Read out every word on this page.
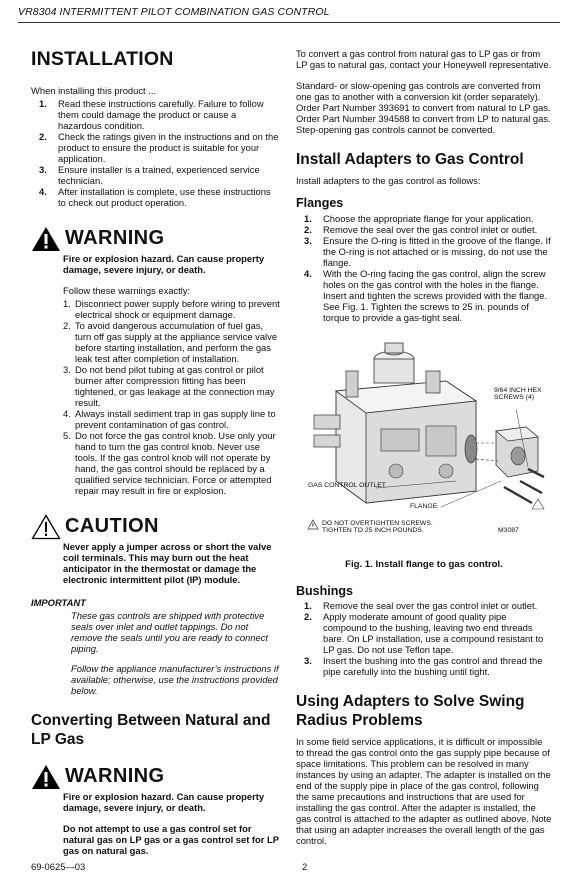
VR8304 INTERMITTENT PILOT COMBINATION GAS CONTROL
INSTALLATION

When installing this product ...

1. Read these instructions carefully. Failure to follow them could damage the product or cause a hazardous condition.
2. Check the ratings given in the instructions and on the product to ensure the product is suitable for your application.
3. Ensure installer is a trained, experienced service technician.
4. After installation is complete, use these instructions to check out product operation.
WARNING

Fire or explosion hazard. Can cause property damage, severe injury, or death.

Follow these warnings exactly:

1. Disconnect power supply before wiring to prevent electrical shock or equipment damage.
2. To avoid dangerous accumulation of fuel gas, turn off gas supply at the appliance service valve before starting installation, and perform the gas leak test after completion of installation.
3. Do not bend pilot tubing at gas control or pilot burner after compression fitting has been tightened, or gas leakage at the connection may result.
4. Always install sediment trap in gas supply line to prevent contamination of gas control.
5. Do not force the gas control knob. Use only your hand to turn the gas control knob. Never use tools. If the gas control knob will not operate by hand, the gas control should be replaced by a qualified service technician. Force or attempted repair may result in fire or explosion.
CAUTION

Never apply a jumper across or short the valve coil terminals. This may burn out the heat anticipator in the thermostat or damage the electronic intermittent pilot (IP) module.

IMPORTANT

These gas controls are shipped with protective seals over inlet and outlet tappings. Do not remove the seals until you are ready to connect piping.

Follow the appliance manufacturer’s instructions if available; otherwise, use the instructions provided below.

Converting Between Natural and LP Gas
WARNING

Fire or explosion hazard. Can cause property damage, severe injury, or death.

Do not attempt to use a gas control set for natural gas on LP gas or a gas control set for LP gas on natural gas.

To convert a gas control from natural gas to LP gas or from LP gas to natural gas, contact your Honeywell representative.

Standard- or slow-opening gas controls are converted from one gas to another with a conversion kit (order separately). Order Part Number 393691 to convert from natural to LP gas. Order Part Number 394588 to convert from LP to natural gas. Step-opening gas controls cannot be converted.

Install Adapters to Gas Control

Install adapters to the gas control as follows:

Flanges
1. Choose the appropriate flange for your application.
2. Remove the seal over the gas control inlet or outlet.
3. Ensure the O-ring is fitted in the groove of the flange. If the O-ring is not attached or is missing, do not use the flange.
4. With the O-ring facing the gas control, align the screw holes on the gas control with the holes in the flange. Insert and tighten the screws provided with the flange. See Fig. 1. Tighten the screws to 25 in. pounds of torque to provide a gas-tight seal.
9/64 INCH HEX SCREWS (4)
GAS CONTROL OUTLET
FLANGE
DO NOT OVERTIGHTEN SCREWS. TIGHTEN TO 25 INCH POUNDS.	M3087

Fig. 1. Install flange to gas control.

Bushings
1. Remove the seal over the gas control inlet or outlet.
2. Apply moderate amount of good quality pipe compound to the bushing, leaving two end threads bare. On LP installation, use a compound resistant to LP gas. Do not use Teflon tape.
3. Insert the bushing into the gas control and thread the pipe carefully into the bushing until tight.
Using Adapters to Solve Swing Radius Problems

In some field service applications, it is difficult or impossible to thread the gas control onto the gas supply pipe because of space limitations. This problem can be resolved in many instances by using an adapter. The adapter is installed on the end of the supply pipe in place of the gas control, following the same precautions and instructions that are used for installing the gas control. After the adapter is installed, the gas control is attached to the adapter as outlined above. Note that using an adapter increases the overall length of the gas control.

69-0625—03	2
